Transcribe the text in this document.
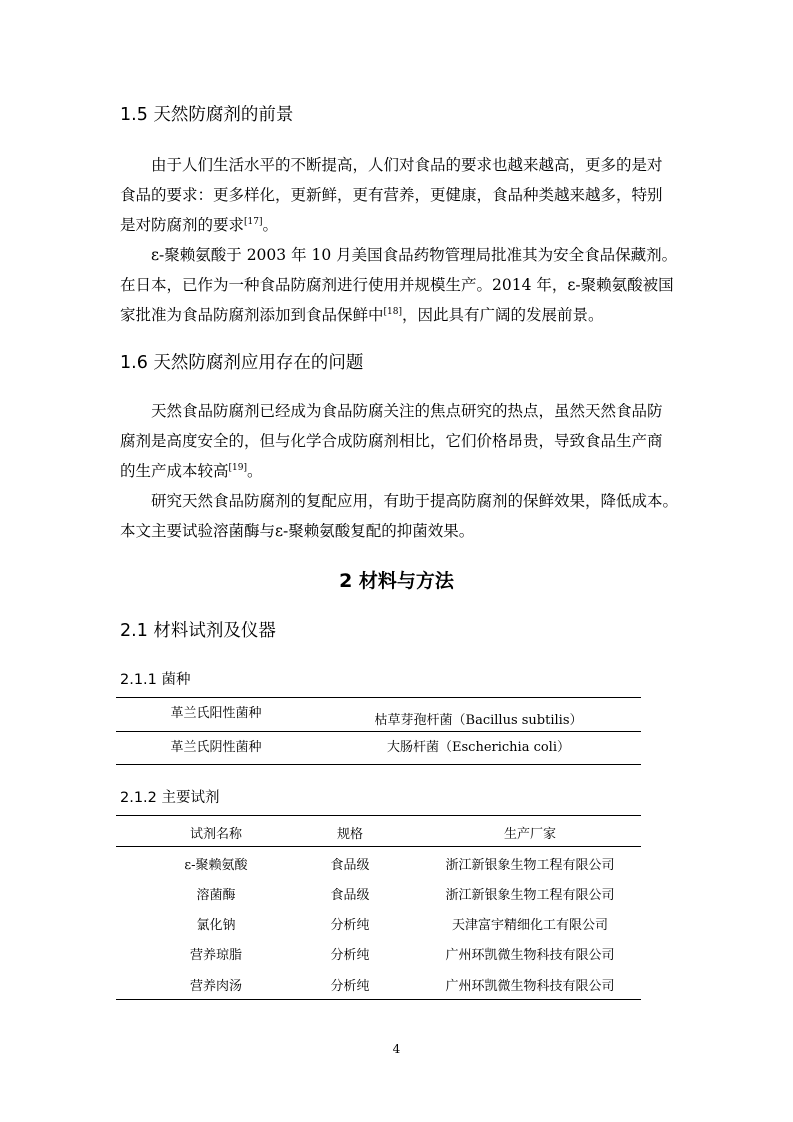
1.5 天然防腐剂的前景

由于人们生活水平的不断提高，人们对食品的要求也越来越高，更多的是对

食品的要求：更多样化，更新鲜，更有营养，更健康，食品种类越来越多，特别

是对防腐剂的要求[17]。

ε-聚赖氨酸于 2003 年 10 月美国食品药物管理局批准其为安全食品保藏剂。

在日本，已作为一种食品防腐剂进行使用并规模生产。2014 年，ε-聚赖氨酸被国

家批准为食品防腐剂添加到食品保鲜中[18]，因此具有广阔的发展前景。

1.6 天然防腐剂应用存在的问题

天然食品防腐剂已经成为食品防腐关注的焦点研究的热点，虽然天然食品防

腐剂是高度安全的，但与化学合成防腐剂相比，它们价格昂贵，导致食品生产商

的生产成本较高[19]。

研究天然食品防腐剂的复配应用，有助于提高防腐剂的保鲜效果，降低成本。

本文主要试验溶菌酶与ε-聚赖氨酸复配的抑菌效果。

2 材料与方法
2.1 材料试剂及仪器
2.1.1 菌种
革兰氏阳性菌种	枯草芽孢杆菌（Bacillus subtilis）
革兰氏阴性菌种	大肠杆菌（Escherichia coli）
2.1.2 主要试剂
试剂名称	规格	生产厂家
ε-聚赖氨酸	食品级	浙江新银象生物工程有限公司
溶菌酶	食品级	浙江新银象生物工程有限公司
氯化钠	分析纯	天津富宇精细化工有限公司
营养琼脂	分析纯	广州环凯微生物科技有限公司
营养肉汤	分析纯	广州环凯微生物科技有限公司
4
